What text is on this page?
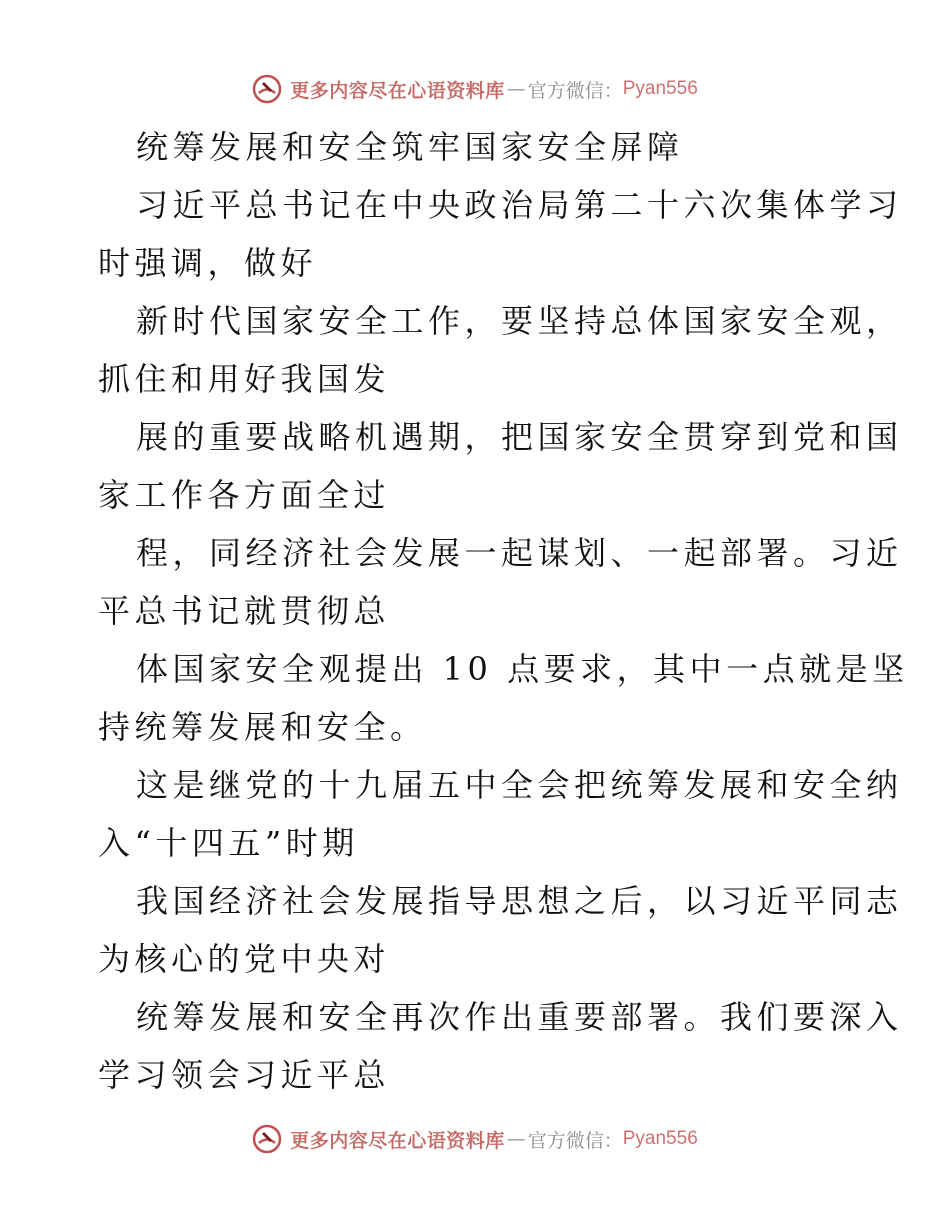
更多内容尽在心语资料库 — 官方微信： Pyan556
统筹发展和安全筑牢国家安全屏障
习近平总书记在中央政治局第二十六次集体学习
时强调，做好
新时代国家安全工作，要坚持总体国家安全观，
抓住和用好我国发
展的重要战略机遇期，把国家安全贯穿到党和国
家工作各方面全过
程，同经济社会发展一起谋划、一起部署。习近
平总书记就贯彻总
体国家安全观提出 10 点要求，其中一点就是坚
持统筹发展和安全。
这是继党的十九届五中全会把统筹发展和安全纳
入“十四五”时期
我国经济社会发展指导思想之后，以习近平同志
为核心的党中央对
统筹发展和安全再次作出重要部署。我们要深入
学习领会习近平总
更多内容尽在心语资料库 — 官方微信： Pyan556
